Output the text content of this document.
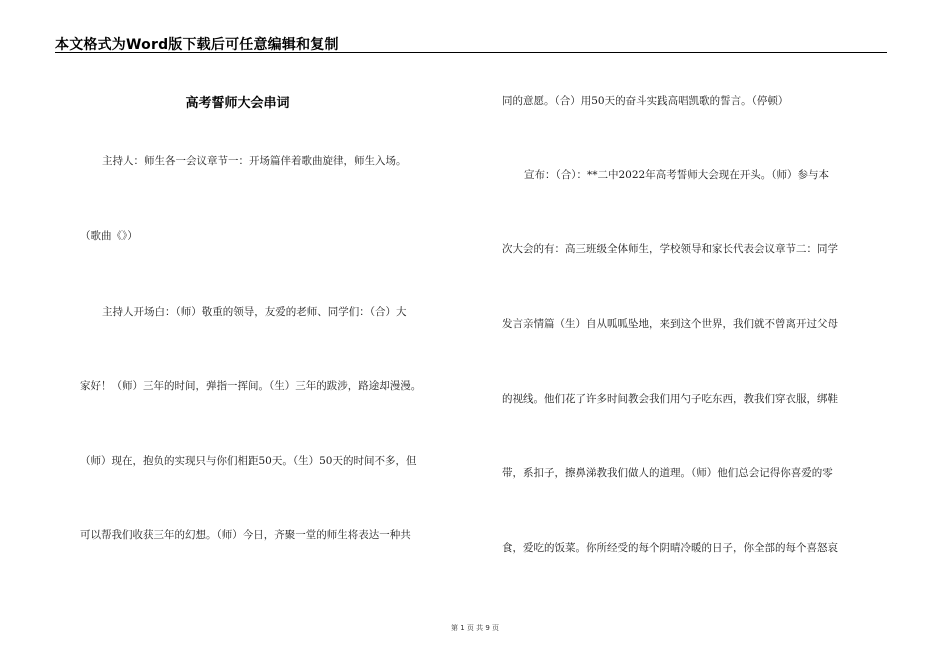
本文格式为Word版下载后可任意编辑和复制
高考誓师大会串词
主持人：师生各一会议章节一：开场篇伴着歌曲旋律，师生入场。
（歌曲《》）
主持人开场白：（师）敬重的领导，友爱的老师、同学们：（合）大
家好！（师）三年的时间，弹指一挥间。（生）三年的跋涉，路途却漫漫。
（师）现在，抱负的实现只与你们相距50天。（生）50天的时间不多，但
可以帮我们收获三年的幻想。（师）今日，齐聚一堂的师生将表达一种共
同的意愿。（合）用50天的奋斗实践高唱凯歌的誓言。（停顿）
宣布：（合）：**二中2022年高考誓师大会现在开头。（师）参与本
次大会的有：高三班级全体师生，学校领导和家长代表会议章节二：同学
发言亲情篇（生）自从呱呱坠地，来到这个世界，我们就不曾离开过父母
的视线。他们花了许多时间教会我们用勺子吃东西，教我们穿衣服，绑鞋
带，系扣子，擦鼻涕教我们做人的道理。（师）他们总会记得你喜爱的零
食，爱吃的饭菜。你所经受的每个阴晴冷暖的日子，你全部的每个喜怒哀
第 1 页 共 9 页
